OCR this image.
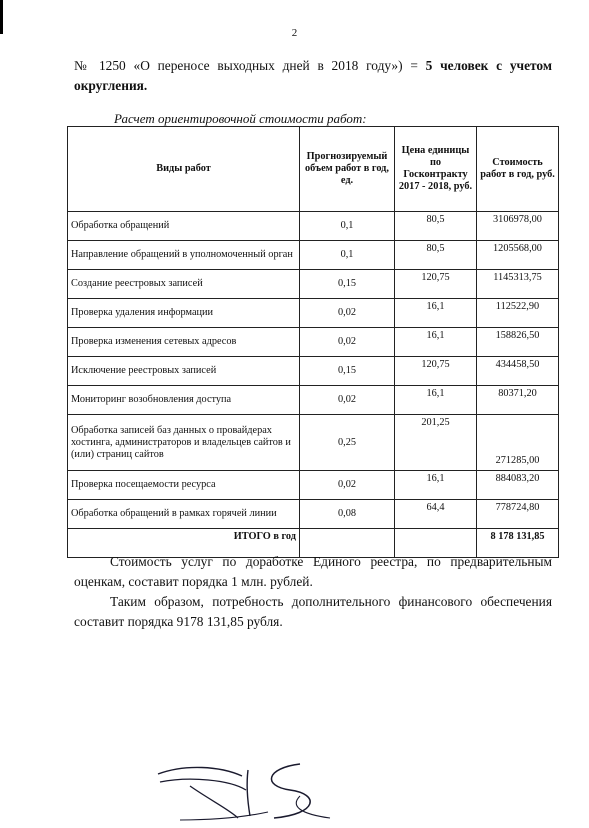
2
№ 1250 «О переносе выходных дней в 2018 году») = 5 человек с учетом округления.
Расчет ориентировочной стоимости работ:
Виды работ	Прогнозируемый объем работ в год, ед.	Цена единицы по Госконтракту 2017 - 2018, руб.	Стоимость работ в год, руб.
Обработка обращений	0,1	80,5	3106978,00
Направление обращений в уполномоченный орган	0,1	80,5	1205568,00
Создание реестровых записей	0,15	120,75	1145313,75
Проверка удаления информации	0,02	16,1	112522,90
Проверка изменения сетевых адресов	0,02	16,1	158826,50
Исключение реестровых записей	0,15	120,75	434458,50
Мониторинг возобновления доступа	0,02	16,1	80371,20
Обработка записей баз данных о провайдерах хостинга, администраторов и владельцев сайтов и (или) страниц сайтов	0,25	201,25	271285,00
Проверка посещаемости ресурса	0,02	16,1	884083,20
Обработка обращений в рамках горячей линии	0,08	64,4	778724,80
ИТОГО в год			8 178 131,85

Стоимость услуг по доработке Единого реестра, по предварительным оценкам, составит порядка 1 млн. рублей.

Таким образом, потребность дополнительного финансового обеспечения составит порядка 9178 131,85 рубля.
